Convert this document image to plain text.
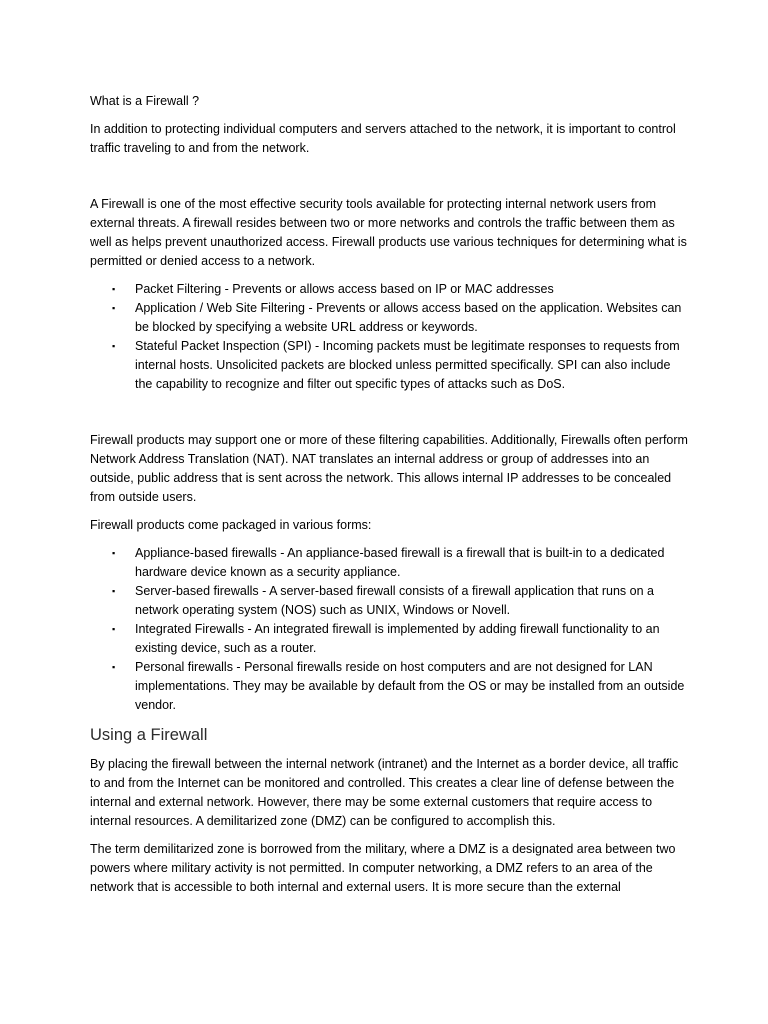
What is a Firewall ?

In addition to protecting individual computers and servers attached to the network, it is important to control traffic traveling to and from the network.

A Firewall is one of the most effective security tools available for protecting internal network users from external threats. A firewall resides between two or more networks and controls the traffic between them as well as helps prevent unauthorized access. Firewall products use various techniques for determining what is permitted or denied access to a network.

▪ Packet Filtering - Prevents or allows access based on IP or MAC addresses
▪ Application / Web Site Filtering - Prevents or allows access based on the application. Websites can be blocked by specifying a website URL address or keywords.
▪ Stateful Packet Inspection (SPI) - Incoming packets must be legitimate responses to requests from internal hosts. Unsolicited packets are blocked unless permitted specifically. SPI can also include the capability to recognize and filter out specific types of attacks such as DoS.

Firewall products may support one or more of these filtering capabilities. Additionally, Firewalls often perform Network Address Translation (NAT). NAT translates an internal address or group of addresses into an outside, public address that is sent across the network. This allows internal IP addresses to be concealed from outside users.

Firewall products come packaged in various forms:

▪ Appliance-based firewalls - An appliance-based firewall is a firewall that is built-in to a dedicated hardware device known as a security appliance.
▪ Server-based firewalls - A server-based firewall consists of a firewall application that runs on a network operating system (NOS) such as UNIX, Windows or Novell.
▪ Integrated Firewalls - An integrated firewall is implemented by adding firewall functionality to an existing device, such as a router.
▪ Personal firewalls - Personal firewalls reside on host computers and are not designed for LAN implementations. They may be available by default from the OS or may be installed from an outside vendor.
Using a Firewall

By placing the firewall between the internal network (intranet) and the Internet as a border device, all traffic to and from the Internet can be monitored and controlled. This creates a clear line of defense between the internal and external network. However, there may be some external customers that require access to internal resources. A demilitarized zone (DMZ) can be configured to accomplish this.

The term demilitarized zone is borrowed from the military, where a DMZ is a designated area between two powers where military activity is not permitted. In computer networking, a DMZ refers to an area of the network that is accessible to both internal and external users. It is more secure than the external
